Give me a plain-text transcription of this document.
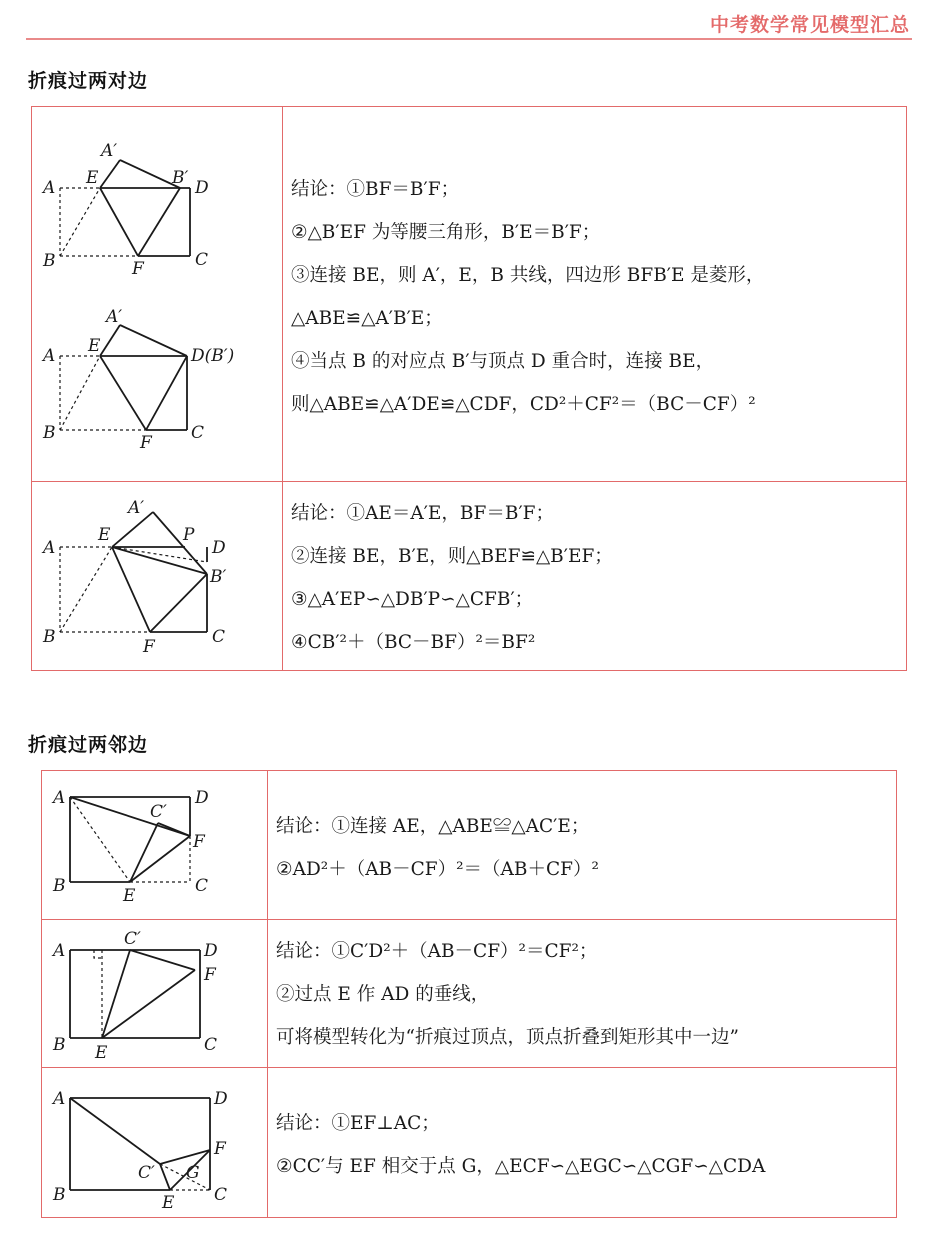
中考数学常见模型汇总
折痕过两对边
A
A′
E	B′ D
B	F	C
A
A′
E	D(B′)
B	F C

结论：①BF＝B′F；

②△B′EF 为等腰三角形，B′E＝B′F；

③连接 BE，则 A′，E，B 共线，四边形 BFB′E 是菱形，

△ABE≌△A′B′E；

④当点 B 的对应点 B′与顶点 D 重合时，连接 BE，

则△ABE≌△A′DE≌△CDF，CD²＋CF²＝（BC－CF）²

A
A′
E	P
D
B′
B	F	C

结论：①AE＝A′E，BF＝B′F；

②连接 BE，B′E，则△BEF≌△B′EF；

③△A′EP∽△DB′P∽△CFB′；

④CB′²＋（BC－BF）²＝BF²

折痕过两邻边
A	D
C′
F
B	E	C

结论：①连接 AE，△ABE≌△AC′E；

②AD²＋（AB－CF）²＝（AB＋CF）²

A
C′
D
F
B E	C

结论：①C′D²＋（AB－CF）²＝CF²；

②过点 E 作 AD 的垂线，

可将模型转化为“折痕过顶点，顶点折叠到矩形其中一边”

A	D
F
C′ G
B	E C

结论：①EF⊥AC；

②CC′与 EF 相交于点 G，△ECF∽△EGC∽△CGF∽△CDA
